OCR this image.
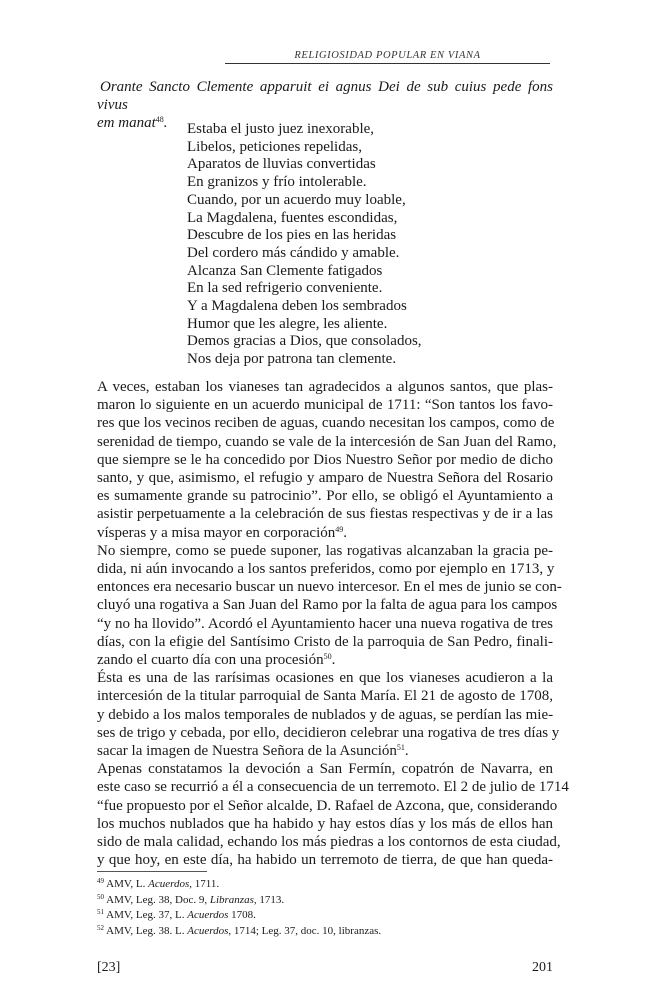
RELIGIOSIDAD POPULAR EN VIANA
Orante Sancto Clemente apparuit ei agnus Dei de sub cuius pede fons vivus
em manat$^{48}$.	Estaba el justo juez inexorable,
Libelos, peticiones repelidas,
Aparatos de lluvias convertidas
En granizos y frío intolerable.
Cuando, por un acuerdo muy loable,
La Magdalena, fuentes escondidas,
Descubre de los pies en las heridas
Del cordero más cándido y amable.
Alcanza San Clemente fatigados
En la sed refrigerio conveniente.
Y a Magdalena deben los sembrados
Humor que les alegre, les aliente.
Demos gracias a Dios, que consolados,
Nos deja por patrona tan clemente.
A veces, estaban los vianeses tan agradecidos a algunos santos, que plas-
maron lo siguiente en un acuerdo municipal de 1711: “Son tantos los favo-
res que los vecinos reciben de aguas, cuando necesitan los campos, como de
serenidad de tiempo, cuando se vale de la intercesión de San Juan del Ramo,
que siempre se le ha concedido por Dios Nuestro Señor por medio de dicho
santo, y que, asimismo, el refugio y amparo de Nuestra Señora del Rosario
es sumamente grande su patrocinio”. Por ello, se obligó el Ayuntamiento a
asistir perpetuamente a la celebración de sus fiestas respectivas y de ir a las
vísperas y a misa mayor en corporación$^{49}$.
No siempre, como se puede suponer, las rogativas alcanzaban la gracia pe-
dida, ni aún invocando a los santos preferidos, como por ejemplo en 1713, y
entonces era necesario buscar un nuevo intercesor. En el mes de junio se con-
cluyó una rogativa a San Juan del Ramo por la falta de agua para los campos
“y no ha llovido”. Acordó el Ayuntamiento hacer una nueva rogativa de tres
días, con la efigie del Santísimo Cristo de la parroquia de San Pedro, finali-
zando el cuarto día con una procesión$^{50}$.
Ésta es una de las rarísimas ocasiones en que los vianeses acudieron a la
intercesión de la titular parroquial de Santa María. El 21 de agosto de 1708,
y debido a los malos temporales de nublados y de aguas, se perdían las mie-
ses de trigo y cebada, por ello, decidieron celebrar una rogativa de tres días y
sacar la imagen de Nuestra Señora de la Asunción$^{51}$.
Apenas constatamos la devoción a San Fermín, copatrón de Navarra, en
este caso se recurrió a él a consecuencia de un terremoto. El 2 de julio de 1714
“fue propuesto por el Señor alcalde, D. Rafael de Azcona, que, considerando
los muchos nublados que ha habido y hay estos días y los más de ellos han
sido de mala calidad, echando los más piedras a los contornos de esta ciudad,
y que hoy, en este día, ha habido un terremoto de tierra, de que han queda-
$^{49}$ AMV, L. Acuerdos, 1711.
$^{50}$ AMV, Leg. 38, Doc. 9, Libranzas, 1713.
$^{51}$ AMV, Leg. 37, L. Acuerdos 1708.
$^{52}$ AMV, Leg. 38. L. Acuerdos, 1714; Leg. 37, doc. 10, libranzas.
[23]	201
